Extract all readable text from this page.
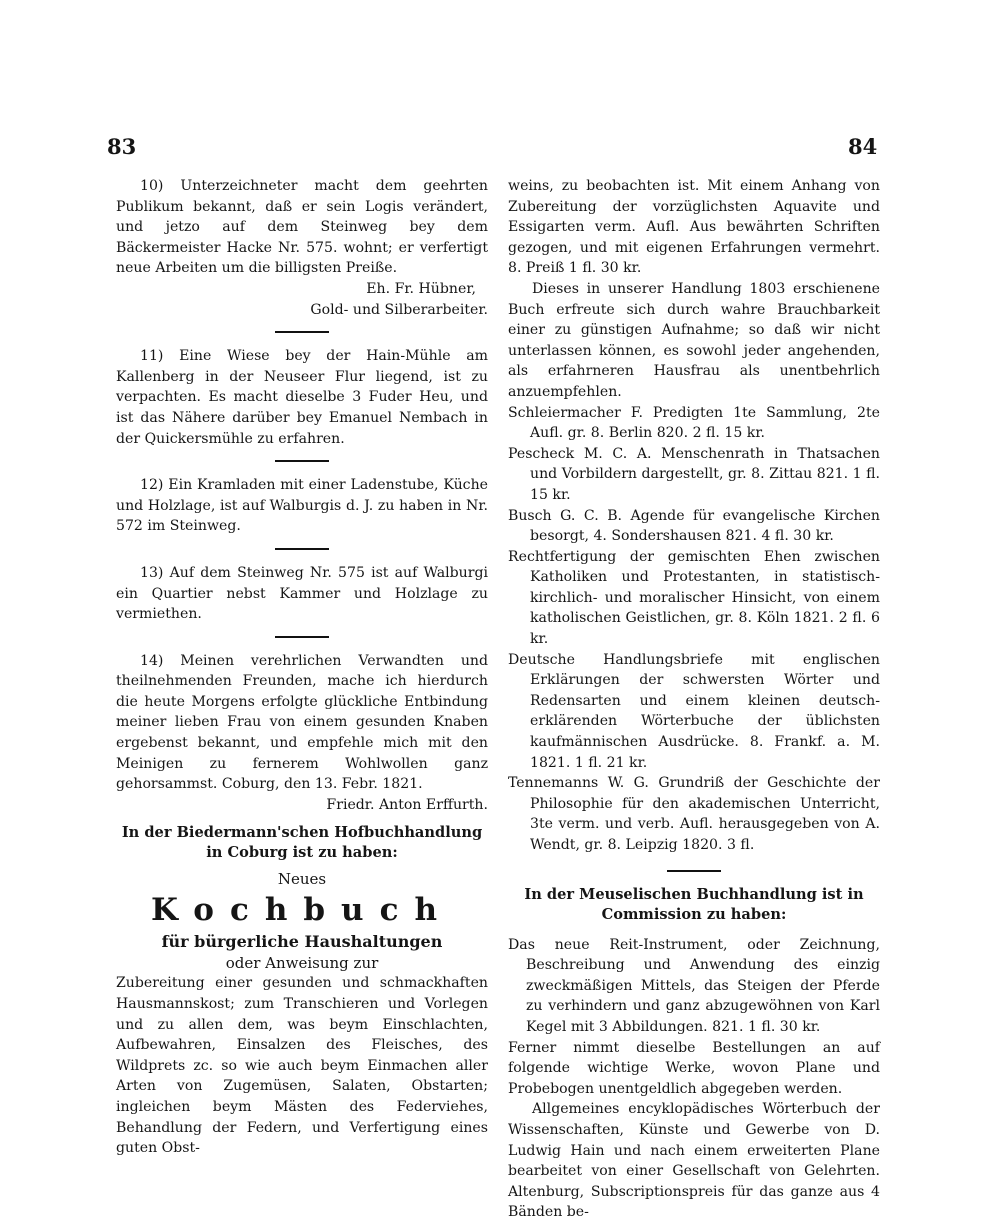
83	84

10) Unterzeichneter macht dem geehrten Publikum bekannt, daß er sein Logis verändert, und jetzo auf dem Steinweg bey dem Bäckermeister Hacke Nr. 575. wohnt; er verfertigt neue Arbeiten um die billigsten Preiße.

Eh. Fr. Hübner,

Gold- und Silberarbeiter.

11) Eine Wiese bey der Hain-Mühle am Kallenberg in der Neuseer Flur liegend, ist zu verpachten. Es macht dieselbe 3 Fuder Heu, und ist das Nähere darüber bey Emanuel Nembach in der Quickersmühle zu erfahren.

12) Ein Kramladen mit einer Ladenstube, Küche und Holzlage, ist auf Walburgis d. J. zu haben in Nr. 572 im Steinweg.

13) Auf dem Steinweg Nr. 575 ist auf Walburgi ein Quartier nebst Kammer und Holzlage zu vermiethen.

14) Meinen verehrlichen Verwandten und theilnehmenden Freunden, mache ich hierdurch die heute Morgens erfolgte glückliche Entbindung meiner lieben Frau von einem gesunden Knaben ergebenst bekannt, und empfehle mich mit den Meinigen zu fernerem Wohlwollen ganz gehorsammst. Coburg, den 13. Febr. 1821.

Friedr. Anton Erffurth.

In der Biedermann'schen Hofbuchhandlung
in Coburg ist zu haben:
Neues
Kochbuch
für bürgerliche Haushaltungen
oder Anweisung zur

Zubereitung einer gesunden und schmackhaften Hausmannskost; zum Transchieren und Vorlegen und zu allen dem, was beym Einschlachten, Aufbewahren, Einsalzen des Fleisches, des Wildprets zc. so wie auch beym Einmachen aller Arten von Zugemüsen, Salaten, Obstarten; ingleichen beym Mästen des Federviehes, Behandlung der Federn, und Verfertigung eines guten Obst-

weins, zu beobachten ist. Mit einem Anhang von Zubereitung der vorzüglichsten Aquavite und Essigarten verm. Aufl. Aus bewährten Schriften gezogen, und mit eigenen Erfahrungen vermehrt. 8. Preiß 1 fl. 30 kr.

Dieses in unserer Handlung 1803 erschienene Buch erfreute sich durch wahre Brauchbarkeit einer zu günstigen Aufnahme; so daß wir nicht unterlassen können, es sowohl jeder angehenden, als erfahrneren Hausfrau als unentbehrlich anzuempfehlen.

Schleiermacher F. Predigten 1te Sammlung, 2te Aufl. gr. 8. Berlin 820. 2 fl. 15 kr.

Pescheck M. C. A. Menschenrath in Thatsachen und Vorbildern dargestellt, gr. 8. Zittau 821. 1 fl. 15 kr.

Busch G. C. B. Agende für evangelische Kirchen besorgt, 4. Sondershausen 821. 4 fl. 30 kr.

Rechtfertigung der gemischten Ehen zwischen Katholiken und Protestanten, in statistisch-kirchlich- und moralischer Hinsicht, von einem katholischen Geistlichen, gr. 8. Köln 1821. 2 fl. 6 kr.

Deutsche Handlungsbriefe mit englischen Erklärungen der schwersten Wörter und Redensarten und einem kleinen deutsch-erklärenden Wörterbuche der üblichsten kaufmännischen Ausdrücke. 8. Frankf. a. M. 1821. 1 fl. 21 kr.

Tennemanns W. G. Grundriß der Geschichte der Philosophie für den akademischen Unterricht, 3te verm. und verb. Aufl. herausgegeben von A. Wendt, gr. 8. Leipzig 1820. 3 fl.

In der Meuselischen Buchhandlung ist in
Commission zu haben:

Das neue Reit-Instrument, oder Zeichnung, Beschreibung und Anwendung des einzig zweckmäßigen Mittels, das Steigen der Pferde zu verhindern und ganz abzugewöhnen von Karl Kegel mit 3 Abbildungen. 821. 1 fl. 30 kr.

Ferner nimmt dieselbe Bestellungen an auf folgende wichtige Werke, wovon Plane und Probebogen unentgeldlich abgegeben werden.

Allgemeines encyklopädisches Wörterbuch der Wissenschaften, Künste und Gewerbe von D. Ludwig Hain und nach einem erweiterten Plane bearbeitet von einer Gesellschaft von Gelehrten. Altenburg, Subscriptionspreis für das ganze aus 4 Bänden be-
